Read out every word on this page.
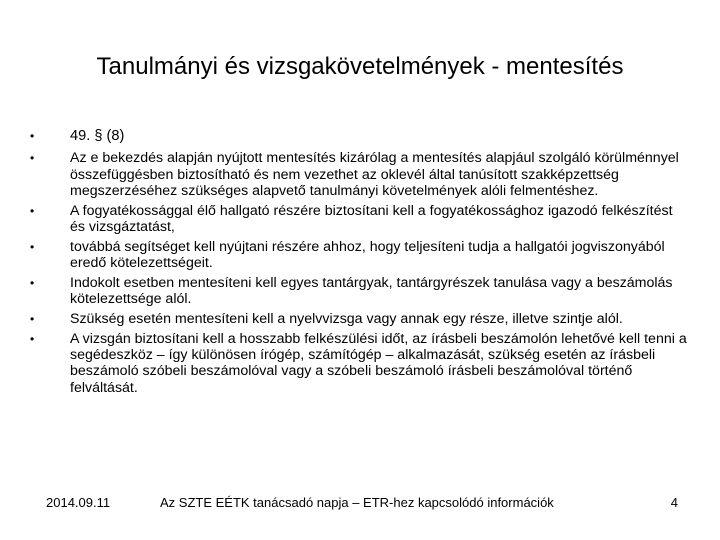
Tanulmányi és vizsgakövetelmények - mentesítés
•	49. § (8)
•	Az e bekezdés alapján nyújtott mentesítés kizárólag a mentesítés alapjául szolgáló körülménnyel összefüggésben biztosítható és nem vezethet az oklevél által tanúsított szakképzettség megszerzéséhez szükséges alapvető tanulmányi követelmények alóli felmentéshez.
•	A fogyatékossággal élő hallgató részére biztosítani kell a fogyatékossághoz igazodó felkészítést és vizsgáztatást,
•	továbbá segítséget kell nyújtani részére ahhoz, hogy teljesíteni tudja a hallgatói jogviszonyából eredő kötelezettségeit.
•	Indokolt esetben mentesíteni kell egyes tantárgyak, tantárgyrészek tanulása vagy a beszámolás kötelezettsége alól.
•	Szükség esetén mentesíteni kell a nyelvvizsga vagy annak egy része, illetve szintje alól.
•	A vizsgán biztosítani kell a hosszabb felkészülési időt, az írásbeli beszámolón lehetővé kell tenni a segédeszköz – így különösen írógép, számítógép – alkalmazását, szükség esetén az írásbeli beszámoló szóbeli beszámolóval vagy a szóbeli beszámoló írásbeli beszámolóval történő felváltását.
2014.09.11	Az SZTE EÉTK tanácsadó napja – ETR-hez kapcsolódó információk	4
